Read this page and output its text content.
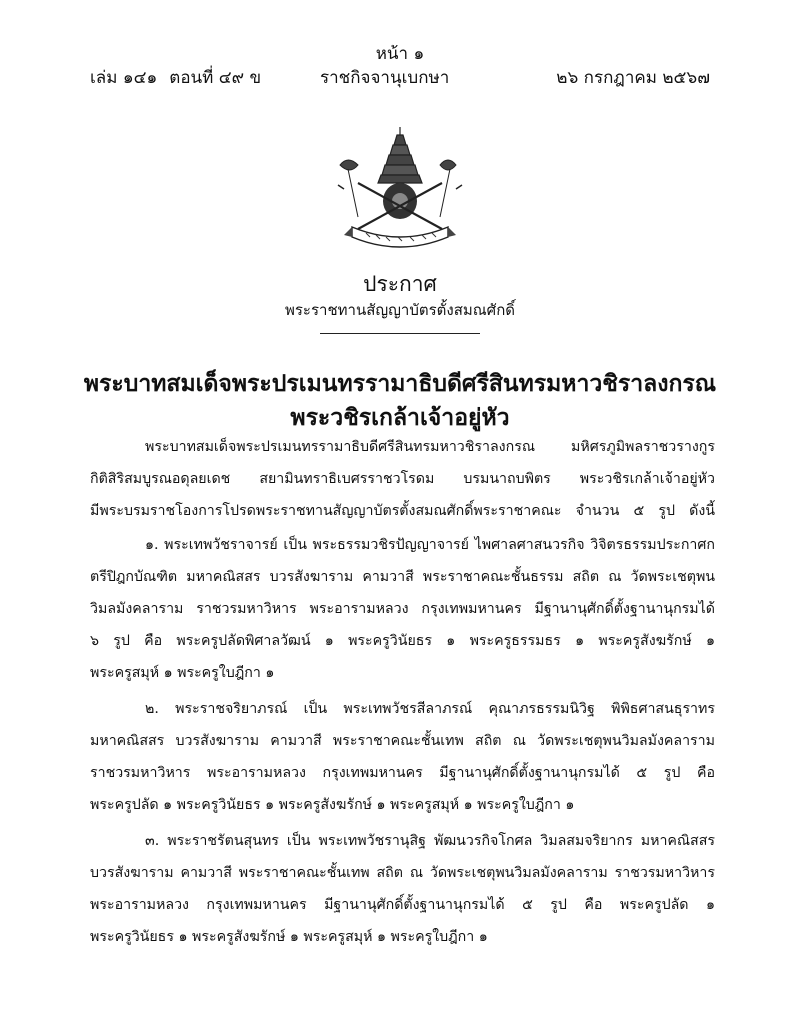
หน้า ๑
เล่ม ๑๔๑ ตอนที่ ๔๙ ข	ราชกิจจานุเบกษา	๒๖ กรกฎาคม ๒๕๖๗
ประกาศ
พระราชทานสัญญาบัตรตั้งสมณศักดิ์
พระบาทสมเด็จพระปรเมนทรรามาธิบดีศรีสินทรมหาวชิราลงกรณ
พระวชิรเกล้าเจ้าอยู่หัว
พระบาทสมเด็จพระปรเมนทรรามาธิบดีศรีสินทรมหาวชิราลงกรณ มหิศรภูมิพลราชวรางกูร
กิติสิริสมบูรณอดุลยเดช สยามินทราธิเบศรราชวโรดม บรมนาถบพิตร พระวชิรเกล้าเจ้าอยู่หัว
มีพระบรมราชโองการโปรดพระราชทานสัญญาบัตรตั้งสมณศักดิ์พระราชาคณะ จำนวน ๕ รูป ดังนี้
๑. พระเทพวัชราจารย์ เป็น พระธรรมวชิรปัญญาจารย์ ไพศาลศาสนวรกิจ วิจิตรธรรมประกาศก
ตรีปิฎกบัณฑิต มหาคณิสสร บวรสังฆาราม คามวาสี พระราชาคณะชั้นธรรม สถิต ณ วัดพระเชตุพน
วิมลมังคลาราม ราชวรมหาวิหาร พระอารามหลวง กรุงเทพมหานคร มีฐานานุศักดิ์ตั้งฐานานุกรมได้
๖ รูป คือ พระครูปลัดพิศาลวัฒน์ ๑ พระครูวินัยธร ๑ พระครูธรรมธร ๑ พระครูสังฆรักษ์ ๑
พระครูสมุห์ ๑ พระครูใบฎีกา ๑
๒. พระราชจริยาภรณ์ เป็น พระเทพวัชรสีลาภรณ์ คุณาภรธรรมนิวิฐ พิพิธศาสนธุราทร
มหาคณิสสร บวรสังฆาราม คามวาสี พระราชาคณะชั้นเทพ สถิต ณ วัดพระเชตุพนวิมลมังคลาราม
ราชวรมหาวิหาร พระอารามหลวง กรุงเทพมหานคร มีฐานานุศักดิ์ตั้งฐานานุกรมได้ ๕ รูป คือ
พระครูปลัด ๑ พระครูวินัยธร ๑ พระครูสังฆรักษ์ ๑ พระครูสมุห์ ๑ พระครูใบฎีกา ๑
๓. พระราชรัตนสุนทร เป็น พระเทพวัชรานุสิฐ พัฒนวรกิจโกศล วิมลสมจริยากร มหาคณิสสร
บวรสังฆาราม คามวาสี พระราชาคณะชั้นเทพ สถิต ณ วัดพระเชตุพนวิมลมังคลาราม ราชวรมหาวิหาร
พระอารามหลวง กรุงเทพมหานคร มีฐานานุศักดิ์ตั้งฐานานุกรมได้ ๕ รูป คือ พระครูปลัด ๑
พระครูวินัยธร ๑ พระครูสังฆรักษ์ ๑ พระครูสมุห์ ๑ พระครูใบฎีกา ๑
